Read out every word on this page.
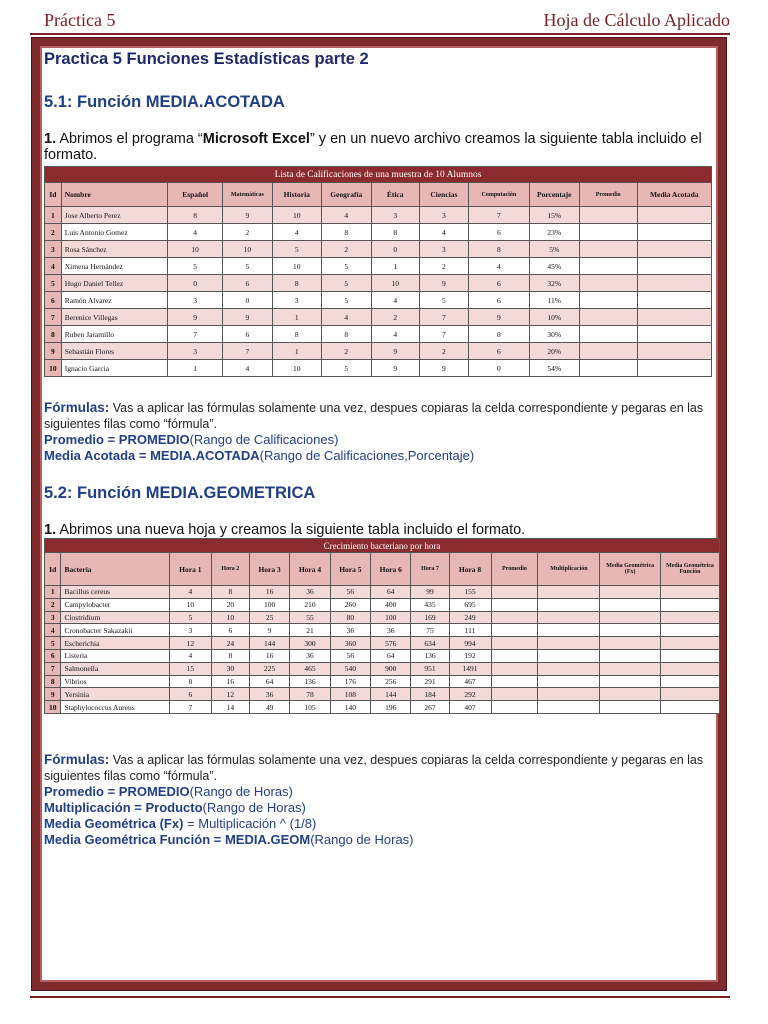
Práctica 5	Hoja de Cálculo Aplicado
Practica 5 Funciones Estadísticas parte 2
5.1: Función MEDIA.ACOTADA
1. Abrimos el programa “Microsoft Excel” y en un nuevo archivo creamos la siguiente tabla incluido el formato.
Lista de Calificaciones de una muestra de 10 Alumnos											
Id	Nombre	Español	Matemáticas	Historia	Geografía	Ética	Ciencias	Computación	Porcentaje	Promedio	Media Acotada
1	Jose Alberto Perez	8	9	10	4	3	3	7	15%		
2	Luis Antonio Gomez	4	2	4	8	8	4	6	23%		
3	Rosa Sánchez	10	10	5	2	0	3	8	5%		
4	Ximena Hernández	5	5	10	5	1	2	4	45%		
5	Hugo Daniel Tellez	0	6	8	5	10	9	6	32%		
6	Ramón Alvarez	3	0	3	5	4	5	6	11%		
7	Berenice Villegas	9	9	1	4	2	7	9	10%		
8	Ruben Jaramillo	7	6	8	8	4	7	8	30%		
9	Sebastián Flores	3	7	1	2	9	2	6	20%		
10	Ignacio Garcia	1	4	10	5	9	9	0	54%		
Fórmulas: Vas a aplicar las fórmulas solamente una vez, despues copiaras la celda correspondiente y pegaras en las siguientes filas como “fórmula”.
Promedio = PROMEDIO(Rango de Calificaciones)
Media Acotada = MEDIA.ACOTADA(Rango de Calificaciones,Porcentaje)
5.2: Función MEDIA.GEOMETRICA
1. Abrimos una nueva hoja y creamos la siguiente tabla incluido el formato.
Crecimiento bacteriano por hora													
Id	Bacteria	Hora 1	Hora 2	Hora 3	Hora 4	Hora 5	Hora 6	Hora 7	Hora 8	Promedio	Multiplicación	Media Geométrica (Fx)	Media Geométrica Función
1	Bacillus cereus	4	8	16	36	56	64	99	155				
2	Campylobacter	10	20	100	210	260	400	435	695				
3	Clostridium	5	10	25	55	80	100	169	249				
4	Cronobacter Sakazakii	3	6	9	21	36	36	75	111				
5	Escherichia	12	24	144	300	360	576	634	994				
6	Listeria	4	8	16	36	56	64	136	192				
7	Salmonella	15	30	225	465	540	900	951	1491				
8	Vibrios	8	16	64	136	176	256	291	467				
9	Yersinia	6	12	36	78	108	144	184	292				
10	Staphylococcus Aureus	7	14	49	105	140	196	267	407				
Fórmulas: Vas a aplicar las fórmulas solamente una vez, despues copiaras la celda correspondiente y pegaras en las siguientes filas como “fórmula”.
Promedio = PROMEDIO(Rango de Horas)
Multiplicación = Producto(Rango de Horas)
Media Geométrica (Fx) = Multiplicación ^ (1/8)
Media Geométrica Función = MEDIA.GEOM(Rango de Horas)
